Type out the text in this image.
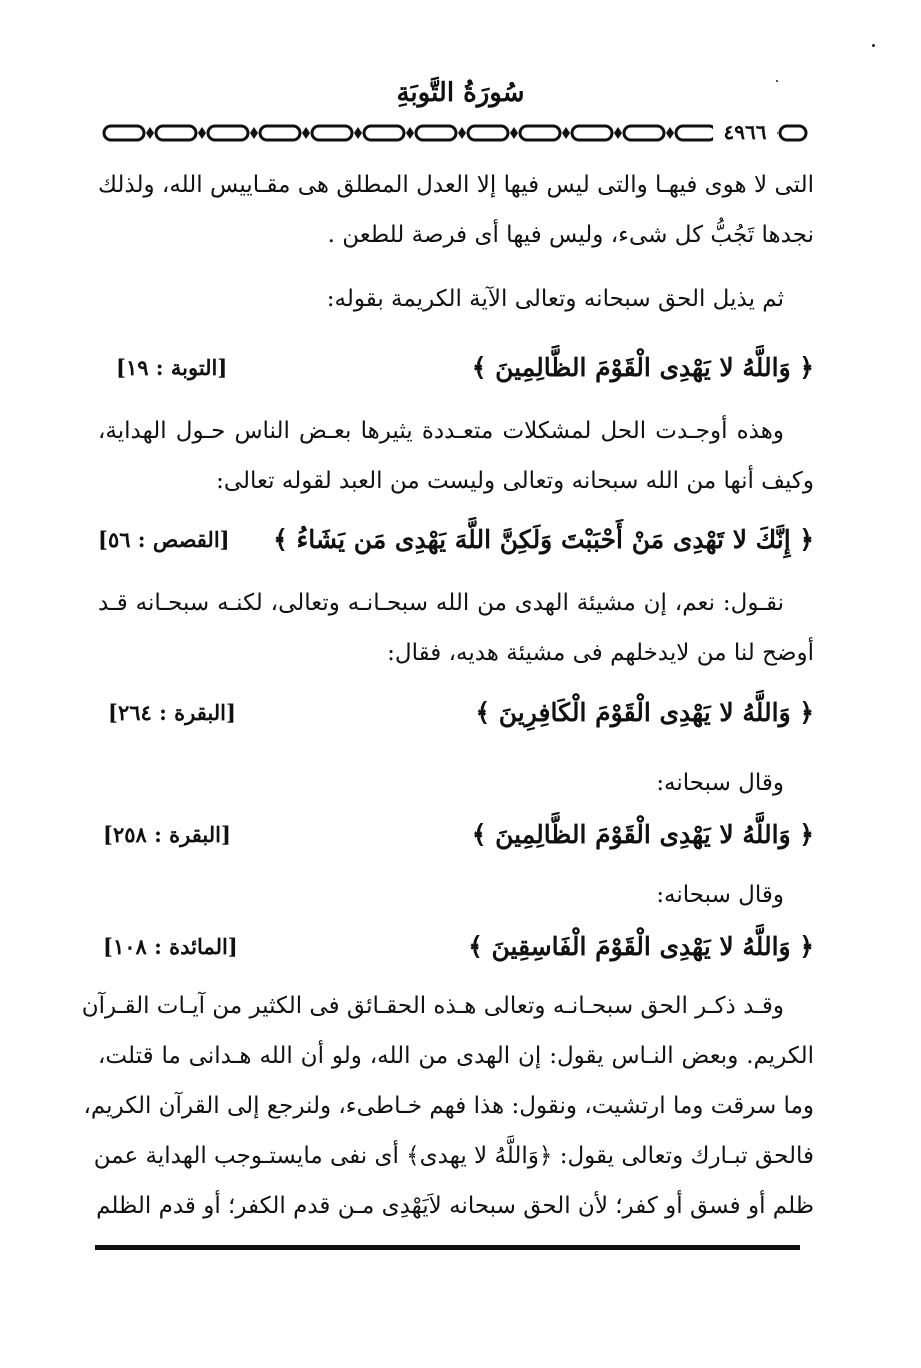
سُورَةُ التَّوبَةِ
٤٩٦٦
التى لا هوى فيهـا والتى ليس فيها إلا العدل المطلق هى مقـاييس الله، ولذلك
نجدها تَجُبُّ كل شىء، وليس فيها أى فرصة للطعن .
ثم يذيل الحق سبحانه وتعالى الآية الكريمة بقوله:
﴿ وَاللَّهُ لا يَهْدِى الْقَوْمَ الظَّالِمِينَ ﴾
[التوبة : ١٩]
وهذه أوجـدت الحل لمشكلات متعـددة يثيرها بعـض الناس حـول الهداية،
وكيف أنها من الله سبحانه وتعالى وليست من العبد لقوله تعالى:
﴿ إِنَّكَ لا تَهْدِى مَنْ أَحْبَبْتَ وَلَكِنَّ اللَّهَ يَهْدِى مَن يَشَاءُ ﴾
[القصص : ٥٦]
نقـول: نعم، إن مشيئة الهدى من الله سبحـانـه وتعالى، لكنـه سبحـانه قـد
أوضح لنا من لايدخلهم فى مشيئة هديه، فقال:
﴿ وَاللَّهُ لا يَهْدِى الْقَوْمَ الْكَافِرِينَ ﴾
[البقرة : ٢٦٤]
وقال سبحانه:
﴿ وَاللَّهُ لا يَهْدِى الْقَوْمَ الظَّالِمِينَ ﴾
[البقرة : ٢٥٨]
وقال سبحانه:
﴿ وَاللَّهُ لا يَهْدِى الْقَوْمَ الْفَاسِقِينَ ﴾
[المائدة : ١٠٨]
وقـد ذكـر الحق سبحـانـه وتعالى هـذه الحقـائق فى الكثير من آيـات القـرآن
الكريم. وبعض النـاس يقول: إن الهدى من الله، ولو أن الله هـدانى ما قتلت،
وما سرقت وما ارتشيت، ونقول: هذا فهم خـاطىء، ولنرجع إلى القرآن الكريم،
فالحق تبـارك وتعالى يقول: ﴿وَاللَّهُ لا يهدى﴾ أى نفى مايستـوجب الهداية عمن
ظلم أو فسق أو كفر؛ لأن الحق سبحانه لاَيَهْدِى مـن قدم الكفر؛ أو قدم الظلم
